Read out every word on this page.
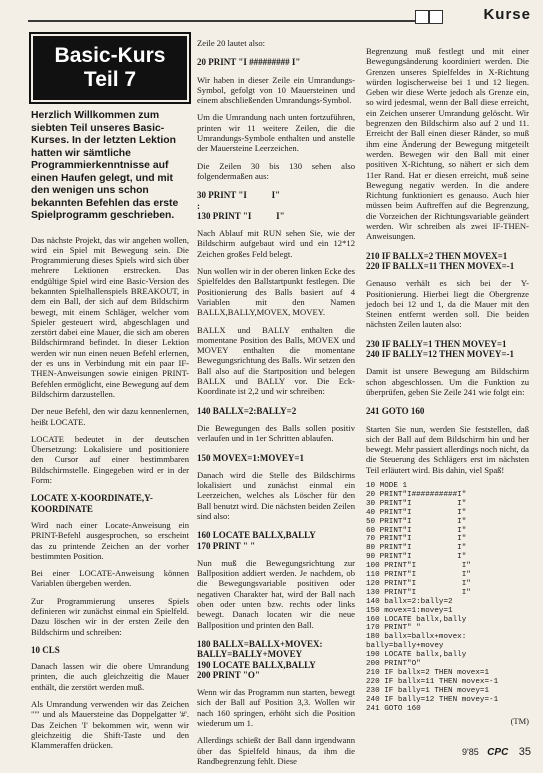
Kurse
Basic-Kurs
Teil 7
Herzlich Willkommen zum siebten Teil unseres Basic-Kurses. In der letzten Lektion hatten wir sämtliche Programmierkenntnisse auf einen Haufen gelegt, und mit den wenigen uns schon bekannten Befehlen das erste Spielprogramm geschrieben.

Das nächste Projekt, das wir angehen wollen, wird ein Spiel mit Bewegung sein. Die Programmierung dieses Spiels wird sich über mehrere Lektionen erstrecken. Das endgültige Spiel wird eine Basic-Version des bekannten Spielhallenspiels BREAKOUT, in dem ein Ball, der sich auf dem Bildschirm bewegt, mit einem Schläger, welcher vom Spieler gesteuert wird, abgeschlagen und zerstört dabei eine Mauer, die sich am oberen Bildschirmrand befindet. In dieser Lektion werden wir nun einen neuen Befehl erlernen, der es uns in Verbindung mit ein paar IF-THEN-Anweisungen sowie einigen PRINT-Befehlen ermöglicht, eine Bewegung auf dem Bildschirm darzustellen.

Der neue Befehl, den wir dazu kennenlernen, heißt LOCATE.

LOCATE bedeutet in der deutschen Übersetzung: Lokalisiere und positioniere den Cursor auf einer bestimmbaren Bildschirmstelle. Eingegeben wird er in der Form:

LOCATE X-KOORDINATE,Y-KOORDINATE

Wird nach einer Locate-Anweisung ein PRINT-Befehl ausgesprochen, so erscheint das zu printende Zeichen an der vorher bestimmten Position.

Bei einer LOCATE-Anweisung können Variablen übergeben werden.

Zur Programmierung unseres Spiels definieren wir zunächst einmal ein Spielfeld. Dazu löschen wir in der ersten Zeile den Bildschirm und schreiben:

10 CLS

Danach lassen wir die obere Umrandung printen, die auch gleichzeitig die Mauer enthält, die zerstört werden muß.

Als Umrandung verwenden wir das Zeichen "'" und als Mauersteine das Doppelgatter '#'. Das Zeichen 'I' bekommen wir, wenn wir gleichzeitig die Shift-Taste und den Klammeraffen drücken.

Zeile 20 lautet also:

20 PRINT "I ######### I"

Wir haben in dieser Zeile ein Umrandungs-Symbol, gefolgt von 10 Mauersteinen und einem abschließenden Umrandungs-Symbol.

Um die Umrandung nach unten fortzuführen, printen wir 11 weitere Zeilen, die die Umrandungs-Symbole enthalten und anstelle der Mauersteine Leerzeichen.

Die Zeilen 30 bis 130 sehen also folgendermaßen aus:

30 PRINT "I           I"
:
130 PRINT "I           I"

Nach Ablauf mit RUN sehen Sie, wie der Bildschirm aufgebaut wird und ein 12*12 Zeichen großes Feld belegt.

Nun wollen wir in der oberen linken Ecke des Spielfeldes den Ballstartpunkt festlegen. Die Positionierung des Balls basiert auf 4 Variablen mit den Namen BALLX,BALLY,MOVEX, MOVEY.

BALLX und BALLY enthalten die momentane Position des Balls, MOVEX und MOVEY enthalten die momentane Bewegungsrichtung des Balls. Wir setzen den Ball also auf die Startposition und belegen BALLX und BALLY vor. Die Eck-Koordinate ist 2,2 und wir schreiben:

140 BALLX=2:BALLY=2

Die Bewegungen des Balls sollen positiv verlaufen und in 1er Schritten ablaufen.

150 MOVEX=1:MOVEY=1

Danach wird die Stelle des Bildschirms lokalisiert und zunächst einmal ein Leerzeichen, welches als Löscher für den Ball benutzt wird. Die nächsten beiden Zeilen sind also:

160 LOCATE BALLX,BALLY
170 PRINT " "

Nun muß die Bewegungsrichtung zur Ballposition addiert werden. Je nachdem, ob die Bewegungsvariable positiven oder negativen Charakter hat, wird der Ball nach oben oder unten bzw. rechts oder links bewegt. Danach locaten wir die neue Ballposition und printen den Ball.

180 BALLX=BALLX+MOVEX:
BALLY=BALLY+MOVEY
190 LOCATE BALLX,BALLY
200 PRINT "O"

Wenn wir das Programm nun starten, bewegt sich der Ball auf Position 3,3. Wollen wir nach 160 springen, erhöht sich die Position wiederum um 1.

Allerdings schießt der Ball dann irgendwann über das Spielfeld hinaus, da ihm die Randbegrenzung fehlt. Diese

Begrenzung muß festlegt und mit einer Bewegungsänderung koordiniert werden. Die Grenzen unseres Spielfeldes in X-Richtung würden logischerweise bei 1 und 12 liegen. Geben wir diese Werte jedoch als Grenze ein, so wird jedesmal, wenn der Ball diese erreicht, ein Zeichen unserer Umrandung gelöscht. Wir begrenzen den Bildschirm also auf 2 und 11. Erreicht der Ball einen dieser Ränder, so muß ihm eine Änderung der Bewegung mitgeteilt werden. Bewegen wir den Ball mit einer positiven X-Richtung, so nähert er sich dem 11er Rand. Hat er diesen erreicht, muß seine Bewegung negativ werden. In die andere Richtung funktioniert es genauso. Auch hier müssen beim Auftreffen auf die Begrenzung, die Vorzeichen der Richtungsvariable geändert werden. Wir schreiben als zwei IF-THEN-Anweisungen.

210 IF BALLX=2 THEN MOVEX=1
220 IF BALLX=11 THEN MOVEX=-1

Genauso verhält es sich bei der Y-Positionierung. Hierbei liegt die Obergrenze jedoch bei 12 und 1, da die Mauer mit den Steinen entfernt werden soll. Die beiden nächsten Zeilen lauten also:

230 IF BALLY=1 THEN MOVEY=1
240 IF BALLY=12 THEN MOVEY=-1

Damit ist unsere Bewegung am Bildschirm schon abgeschlossen. Um die Funktion zu überprüfen, geben Sie Zeile 241 wie folgt ein:

241 GOTO 160

Starten Sie nun, werden Sie feststellen, daß sich der Ball auf dem Bildschirm hin und her bewegt. Mehr passiert allerdings noch nicht, da die Steuerung des Schlägers erst im nächsten Teil erläutert wird. Bis dahin, viel Spaß!

10 MODE 1
20 PRINT"I##########I"
30 PRINT"I          I"
40 PRINT"I          I"
50 PRINT"I          I"
60 PRINT"I          I"
70 PRINT"I          I"
80 PRINT"I          I"
90 PRINT"I          I"
100 PRINT"I          I"
110 PRINT"I          I"
120 PRINT"I          I"
130 PRINT"I          I"
140 ballx=2:bally=2
150 movex=1:movey=1
160 LOCATE ballx,bally
170 PRINT" "
180 ballx=ballx+movex:
bally=bally+movey
190 LOCATE ballx,bally
200 PRINT"O"
210 IF ballx=2 THEN movex=1
220 IF ballx=11 THEN movex=-1
230 IF bally=1 THEN movey=1
240 IF bally=12 THEN movey=-1
241 GOTO 160
(TM)
9'85 CPC 35
